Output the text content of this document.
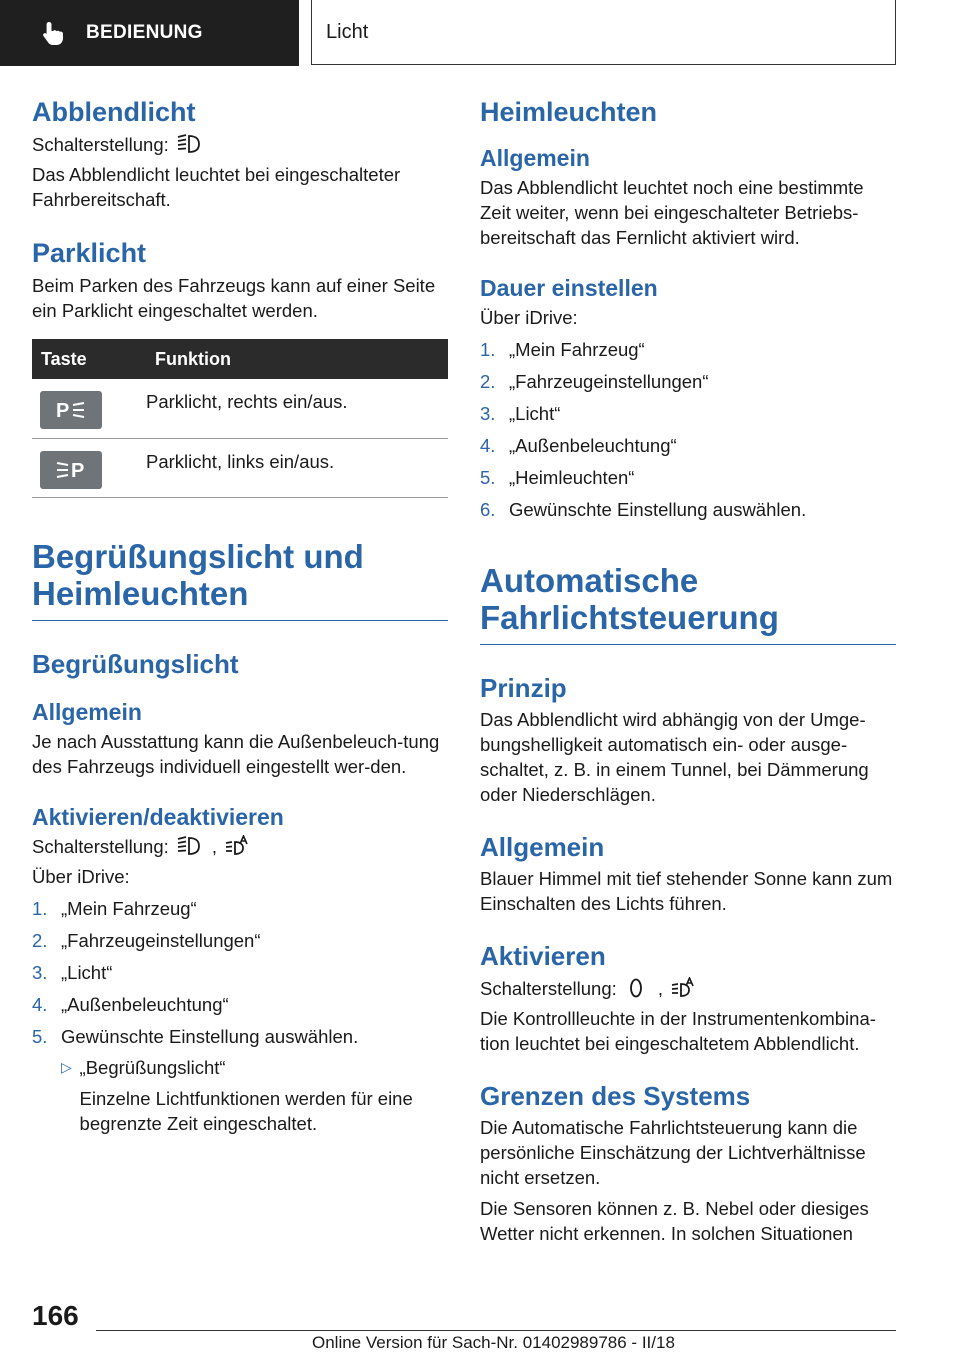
BEDIENUNG	Licht
Abblendlicht

Schalterstellung:

Das Abblendlicht leuchtet bei eingeschalteter Fahrbereitschaft.

Parklicht

Beim Parken des Fahrzeugs kann auf einer Seite ein Parklicht eingeschaltet werden.

Taste	Funktion

P	Parklicht, rechts ein/aus.

P	Parklicht, links ein/aus.
Begrüßungslicht und Heimleuchten
Begrüßungslicht
Allgemein

Je nach Ausstattung kann die Außenbeleuch-tung des Fahrzeugs individuell eingestellt wer-den.

Aktivieren/deaktivieren

Schalterstellung: ,

Über iDrive:

1. „Mein Fahrzeug“
2. „Fahrzeugeinstellungen“
3. „Licht“
4. „Außenbeleuchtung“
5. Gewünschte Einstellung auswählen.
▷ „Begrüßungslicht“

Einzelne Lichtfunktionen werden für eine begrenzte Zeit eingeschaltet.

Heimleuchten
Allgemein

Das Abblendlicht leuchtet noch eine bestimmte Zeit weiter, wenn bei eingeschalteter Betriebs-bereitschaft das Fernlicht aktiviert wird.

Dauer einstellen

Über iDrive:

1. „Mein Fahrzeug“
2. „Fahrzeugeinstellungen“
3. „Licht“
4. „Außenbeleuchtung“
5. „Heimleuchten“
6. Gewünschte Einstellung auswählen.
Automatische Fahrlichtsteuerung
Prinzip

Das Abblendlicht wird abhängig von der Umge-bungshelligkeit automatisch ein- oder ausge-schaltet, z. B. in einem Tunnel, bei Dämmerung oder Niederschlägen.

Allgemein

Blauer Himmel mit tief stehender Sonne kann zum Einschalten des Lichts führen.

Aktivieren

Schalterstellung: ,

Die Kontrollleuchte in der Instrumentenkombina-tion leuchtet bei eingeschaltetem Abblendlicht.

Grenzen des Systems

Die Automatische Fahrlichtsteuerung kann die persönliche Einschätzung der Lichtverhältnisse nicht ersetzen.

Die Sensoren können z. B. Nebel oder diesiges Wetter nicht erkennen. In solchen Situationen

166
Online Version für Sach-Nr. 01402989786 - II/18
